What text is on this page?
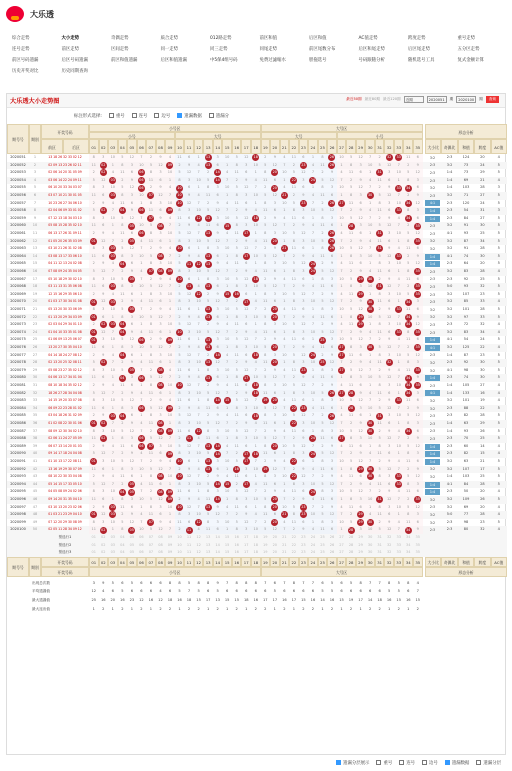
大乐透
综合走势	大小走势	奇偶走势	质合走势	012路走势	前区和值	后区和值	AC值走势	跨度走势	重号走势
连号走势	前区走势	区间走势	同一走势	同三走势	同尾走势	前区尾数分布	后区和尾走势	后区尾走势	五分区走势
前区号码遗漏	后区号码遗漏	前区和值遗漏	后区和值遗漏	中5保4组号码	免费过滤缩水	胆拖选号	号码跟随分析	随机选号工具	复式金额计算
历史开奖对比	历史同期查询
大乐透大小走势图	最近50期 最近80期 最近120期	近期	2020051	期	2020100	期	查询
标注形式选择:	重号	连号	边号	遗漏数据	遗漏分
期号号	期别
开奖号码
前区	后区
小号区	大号区
小号	大号	大号	小号
01	02	03	04	05	06	07	08	09	10	11	12	13	14	15	16	17	18	19	20	21	22	23	24	25	26	27	28	29	30	31	32	33	34	35
形态分析
大小比	奇偶比	和值	跨度	AC值
2020051	1	13 18 26 32 33 02 12	8	3	10	5	12	7	2	9	4	11	6	1	13	3	10	5	12	18	2	9	4	11	6	1	8	26	10	5	12	7	2	32	33	11	6	3:2	2:3	124	20	4
2020052	2	02 09 13 23 26 02 11	11	02	1	8	3	10	5	12	09	2	9	4	13	6	1	8	3	10	5	12	7	2	23	4	11	26	1	8	3	10	5	12	7	2	9	2:3	3:2	73	24	5
2020053	3	02 06 14 20 31 05 09	2	02	4	11	6	06	8	3	10	5	12	7	2	14	4	11	6	1	8	20	10	5	12	7	2	9	4	11	6	1	31	3	10	5	12	2:3	1:4	73	29	5
2020054	4	03 06 14 22 24 09 11	5	12	03	2	9	06	11	6	1	8	3	10	5	14	7	2	9	4	11	6	1	22	3	24	5	12	7	2	9	4	11	6	1	8	3	2:3	1:4	69	21	4
2020055	5	06 10 20 33 34 03 07	8	3	10	5	12	06	2	9	4	10	6	1	8	3	10	5	12	7	2	20	4	11	6	1	8	3	10	5	12	7	2	9	33	34	6	3:2	1:4	103	28	3
2020056	6	03 07 10 21 30 01 05	11	6	03	8	3	10	07	12	7	10	9	4	11	6	1	8	3	10	5	12	21	2	9	4	11	6	1	8	3	30	5	12	7	2	9	2:3	3:2	71	27	5
2020057	7	10 23 26 27 34 06 10	2	9	4	11	6	1	8	3	10	10	12	7	2	9	4	11	6	1	8	3	10	5	23	7	2	26	27	11	6	1	8	3	10	34	12	4:1	2:3	120	24	5
2020058	8	02 04 06 09 33 01 02	5	02	7	04	9	06	11	6	09	8	3	10	5	12	7	2	9	4	11	6	1	8	3	10	5	12	7	2	9	4	11	6	33	8	3	1:4	2:3	54	31	3
2020059	9	07 12 13 18 34 03 10	8	3	10	5	12	7	07	9	4	11	6	12	13	3	10	5	12	18	2	9	4	11	6	1	8	3	10	5	12	7	2	9	4	34	6	1:4	2:3	84	27	5
2020060	10	05 08 15 28 35 02 10	11	6	1	8	05	10	5	08	7	2	9	4	11	6	15	8	3	10	5	12	7	2	9	4	11	6	1	28	3	10	5	12	7	2	35	2:3	3:2	91	30	5
2020061	11	06 13 17 26 31 09 11	2	9	4	11	6	06	8	3	10	5	12	7	13	9	4	11	17	1	8	3	10	5	12	7	2	26	4	11	6	1	31	3	10	5	12	2:3	4:1	93	25	5
2020062	12	01 05 20 26 35 03 09	01	12	7	2	05	4	11	6	1	8	3	10	5	12	7	2	9	4	11	20	1	8	3	10	5	26	7	2	9	4	11	6	1	8	35	3:2	3:2	87	34	5
2020063	13	03 10 21 26 31 02 08	8	3	03	5	12	7	2	9	4	10	6	1	8	3	10	5	12	7	2	9	21	11	6	1	8	26	10	5	12	7	31	9	4	11	6	3:2	3:2	91	28	5
2020064	14	03 08 13 17 33 06 10	11	6	03	8	3	10	5	08	7	2	9	4	13	6	1	8	17	10	5	12	7	2	9	4	11	6	1	8	3	10	5	12	33	2	9	1:4	4:1	74	30	5
2020065	15	04 11 12 13 24 02 08	2	9	4	04	6	1	8	3	10	5	11	12	13	9	4	11	6	1	8	3	10	5	12	24	2	9	4	11	6	1	8	3	10	5	12	1:4	2:3	64	20	5
2020066	16	07 08 09 24 35 04 05	5	12	7	2	9	4	07	08	09	8	3	10	5	12	7	2	9	4	11	6	1	8	3	24	5	12	7	2	9	4	11	6	1	8	35	2:3	3:2	83	28	4
2020067	17	05 10 18 29 30 02 10	8	3	10	5	05	7	2	9	4	10	6	1	8	3	10	5	12	18	2	9	4	11	6	1	8	3	10	5	29	30	2	9	4	11	6	2:3	2:3	92	25	5
2020068	18	03 11 13 31 35 06 08	11	6	03	8	3	10	5	12	7	2	11	4	13	6	1	8	3	10	5	12	7	2	9	4	11	6	1	8	3	10	31	12	7	2	35	2:3	5:0	93	32	5
2020069	19	12 15 16 29 35 06 10	2	9	4	11	6	1	8	3	10	5	12	12	2	9	15	16	6	1	8	3	10	5	12	7	2	9	4	11	29	1	8	3	10	5	35	2:3	3:2	107	23	5
2020070	20	01 03 17 30 34 01 08	01	12	03	2	9	4	11	6	1	8	3	10	5	12	7	2	17	4	11	6	1	8	3	10	5	12	7	2	9	30	11	6	1	34	3	2:3	3:2	85	33	4
2020071	21	05 13 20 30 33 06 09	8	3	10	5	05	7	2	9	4	11	6	1	13	3	10	5	12	7	2	20	4	11	6	1	8	3	10	5	12	30	2	9	33	11	6	3:2	3:2	101	28	5
2020072	22	01 13 20 29 34 03 09	01	6	1	8	3	10	5	12	7	2	9	4	13	6	1	8	3	10	5	20	7	2	9	4	11	6	1	8	29	10	5	12	7	34	9	3:2	3:2	97	33	5
2020073	23	02 03 04 29 34 01 10	2	02	03	04	6	1	8	3	10	5	12	7	2	9	4	11	6	1	8	3	10	5	12	7	2	9	4	11	29	1	8	3	10	34	12	2:3	2:3	72	32	4
2020074	24	01 04 10 33 35 01 08	01	12	7	04	9	4	11	6	1	10	3	10	5	12	7	2	9	4	11	6	1	8	3	10	5	12	7	2	9	4	11	6	33	8	35	2:3	3:2	83	34	4
2020075	25	01 06 09 13 25 06 07	01	3	10	5	12	06	2	9	09	11	6	1	13	3	10	5	12	7	2	9	4	11	6	1	25	3	10	5	12	7	2	9	4	11	6	1:4	4:1	54	24	5
2020076	26	13 20 27 30 35 04 10	11	6	1	8	3	10	5	12	7	2	9	4	13	6	1	8	3	10	5	20	7	2	9	4	11	6	27	8	3	30	5	12	7	2	35	4:1	3:2	125	22	4
2020077	27	04 14 18 24 27 08 12	2	9	4	04	6	1	8	3	10	5	12	7	2	14	4	11	6	18	8	3	10	5	12	24	2	9	27	11	6	1	8	3	10	5	12	2:3	1:4	87	23	5
2020078	28	02 13 20 25 32 08 11	5	02	7	2	9	4	11	6	1	8	3	10	13	12	7	2	9	4	11	20	1	8	3	10	25	12	7	2	9	4	11	32	1	8	3	3:2	2:3	92	30	5
2020079	29	05 08 23 27 35 02 12	8	3	10	5	05	7	2	08	4	11	6	1	8	3	10	5	12	7	2	9	4	11	23	1	8	3	27	5	12	7	2	9	4	11	35	3:2	4:1	98	30	5
2020080	30	04 06 13 17 34 01 04	11	6	1	04	3	06	5	12	7	2	9	4	13	6	1	8	17	10	5	12	7	2	9	4	11	6	1	8	3	10	5	12	7	34	9	1:4	2:3	74	30	5
2020081	31	08 10 18 34 35 02 12	2	9	4	11	6	1	8	08	10	10	12	7	2	9	4	11	6	18	8	3	10	5	12	7	2	9	4	11	6	1	8	3	10	34	35	2:3	1:4	105	27	4
2020082	32	18 26 27 28 34 04 08	5	12	7	2	9	4	11	6	1	8	3	10	5	12	7	2	9	18	11	6	1	8	3	10	5	26	27	28	9	4	11	6	1	34	3	4:1	1:4	133	16	4
2020083	33	14 15 19 20 33 07 08	8	3	10	5	12	7	2	9	4	11	6	1	8	14	15	5	12	7	19	20	4	11	6	1	8	3	10	5	12	7	2	9	33	11	6	3:2	3:2	101	19	4
2020084	34	06 09 22 23 28 01 02	11	6	1	8	3	06	5	12	09	2	9	4	11	6	1	8	3	10	5	12	7	22	23	4	11	6	1	28	3	10	5	12	7	2	9	3:2	2:3	88	22	5
2020085	35	03 04 18 26 31 02 09	2	9	03	04	6	1	8	3	10	5	12	7	2	9	4	11	6	18	8	3	10	5	12	7	2	26	4	11	6	1	31	3	10	5	12	2:3	2:3	82	28	5
2020086	36	01 02 08 22 30 01 06	01	02	7	2	9	4	11	08	1	8	3	10	5	12	7	2	9	4	11	6	1	22	3	10	5	12	7	2	9	30	11	6	1	8	3	2:3	1:4	63	29	5
2020087	37	08 09 12 30 34 02 10	8	3	10	5	12	7	2	08	09	11	6	12	8	3	10	5	12	7	2	9	4	11	6	1	8	3	10	5	12	30	2	9	4	34	6	2:3	1:4	93	26	5
2020088	38	02 06 11 24 27 05 09	11	02	1	8	3	06	5	12	7	2	11	4	11	6	1	8	3	10	5	12	7	2	9	24	11	6	27	8	3	10	5	12	7	2	9	2:3	2:3	70	25	5
2020089	39	06 07 13 14 20 01 03	2	9	4	11	6	06	07	3	10	5	12	7	13	14	4	11	6	1	8	20	10	5	12	7	2	9	4	11	6	1	8	3	10	5	12	1:4	2:3	60	14	4
2020090	40	09 14 17 18 24 04 08	5	12	7	2	9	4	11	6	09	8	3	10	5	14	7	2	17	18	11	6	1	8	3	24	5	12	7	2	9	4	11	6	1	8	3	1:4	2:3	82	15	4
2020091	41	01 10 13 17 22 08 11	01	3	10	5	12	7	2	9	4	10	6	1	13	3	10	5	17	7	2	9	4	22	6	1	8	3	10	5	12	7	2	9	4	11	6	1:4	3:2	63	21	5
2020092	42	13 16 19 29 30 07 09	11	6	1	8	3	10	5	12	7	2	9	4	13	6	1	16	3	10	19	12	7	2	9	4	11	6	1	8	29	30	5	12	7	2	9	3:2	3:2	107	17	5
2020093	43	08 10 22 30 33 04 08	2	9	4	11	6	1	8	08	10	10	12	7	2	9	4	11	6	1	8	3	10	22	12	7	2	9	4	11	6	30	8	3	33	5	12	3:2	1:4	103	25	5
2020094	44	05 14 15 17 33 05 10	5	12	7	2	05	4	11	6	1	8	3	10	5	14	15	2	17	4	11	6	1	8	3	10	5	12	7	2	9	4	11	6	33	8	3	1:4	4:1	84	28	5
2020095	45	04 05 08 09 24 02 06	8	3	10	04	05	7	2	08	09	11	6	1	8	3	10	5	12	7	2	9	4	11	6	24	8	3	10	5	12	7	2	9	4	11	6	1:4	2:3	50	20	4
2020096	46	09 14 20 31 35 04 10	11	6	1	8	3	10	5	12	09	2	9	4	11	14	1	8	3	10	5	20	7	2	9	4	11	6	1	8	3	10	31	12	7	2	35	3:2	3:2	109	26	5
2020097	47	03 10 13 20 23 02 06	2	9	03	11	6	1	8	3	10	10	12	7	13	9	4	11	6	1	8	20	10	5	23	7	2	9	4	11	6	1	8	3	10	5	12	2:3	3:2	69	20	4
2020098	48	01 03 21 23 29 04 10	01	12	03	2	9	4	11	6	1	8	3	10	5	12	7	2	9	4	11	6	21	8	23	10	5	12	7	2	29	4	11	6	1	8	3	3:2	5:0	77	28	4
2020099	49	07 12 20 29 30 08 09	8	3	10	5	12	7	07	9	4	11	6	12	8	3	10	5	12	7	2	20	4	11	6	1	8	3	10	5	29	30	2	9	4	11	6	3:2	2:3	98	23	5
2020100	50	02 05 11 28 34 09 12	11	02	1	8	05	10	5	12	7	2	11	4	11	6	1	8	3	10	5	12	7	2	9	4	11	6	1	28	3	10	5	12	7	34	9	2:3	2:3	80	32	4
预选行1	01	02	03	04	05	06	07	08	09	10	11	12	13	14	15	16	17	18	19	20	21	22	23	24	25	26	27	28	29	30	31	32	33	34	35
预选行2	01	02	03	04	05	06	07	08	09	10	11	12	13	14	15	16	17	18	19	20	21	22	23	24	25	26	27	28	29	30	31	32	33	34	35
预选行3	01	02	03	04	05	06	07	08	09	10	11	12	13	14	15	16	17	18	19	20	21	22	23	24	25	26	27	28	29	30	31	32	33	34	35
期号号	期别
开奖号码	01	02	03	04	05	06	07	08	09	10	11	12	13	14	15	16	17	18	19	20	21	22	23	24	25	26	27	28	29	30	31	32	33	34	35
小号区	大号区
大小比	奇偶比	和值	跨度	AC值
形态分析
开奖号码
出现总次数	3	9	5	6	5	6	6	6	8	8	5	8	8	9	7	8	8	8	7	6	7	8	7	7	6	5	6	5	8	7	7	8	5	8	4
平均遗漏值	12	4	6	5	6	6	6	4	6	5	7	5	6	5	6	6	6	6	6	5	6	6	6	6	5	5	6	6	6	6	6	5	5	6	7
最大遗漏值	25	16	20	16	23	12	16	12	18	16	18	15	17	13	15	15	18	16	17	17	16	17	15	16	14	16	15	19	17	14	18	16	15	16	15
最大连出值	1	2	1	2	1	2	1	2	2	1	2	2	1	2	1	2	1	2	2	1	2	1	2	2	1	2	1	2	1	2	2	1	2	1	2
遗漏分层展示	重号	连号	边号	遗漏数据	遗漏分层
